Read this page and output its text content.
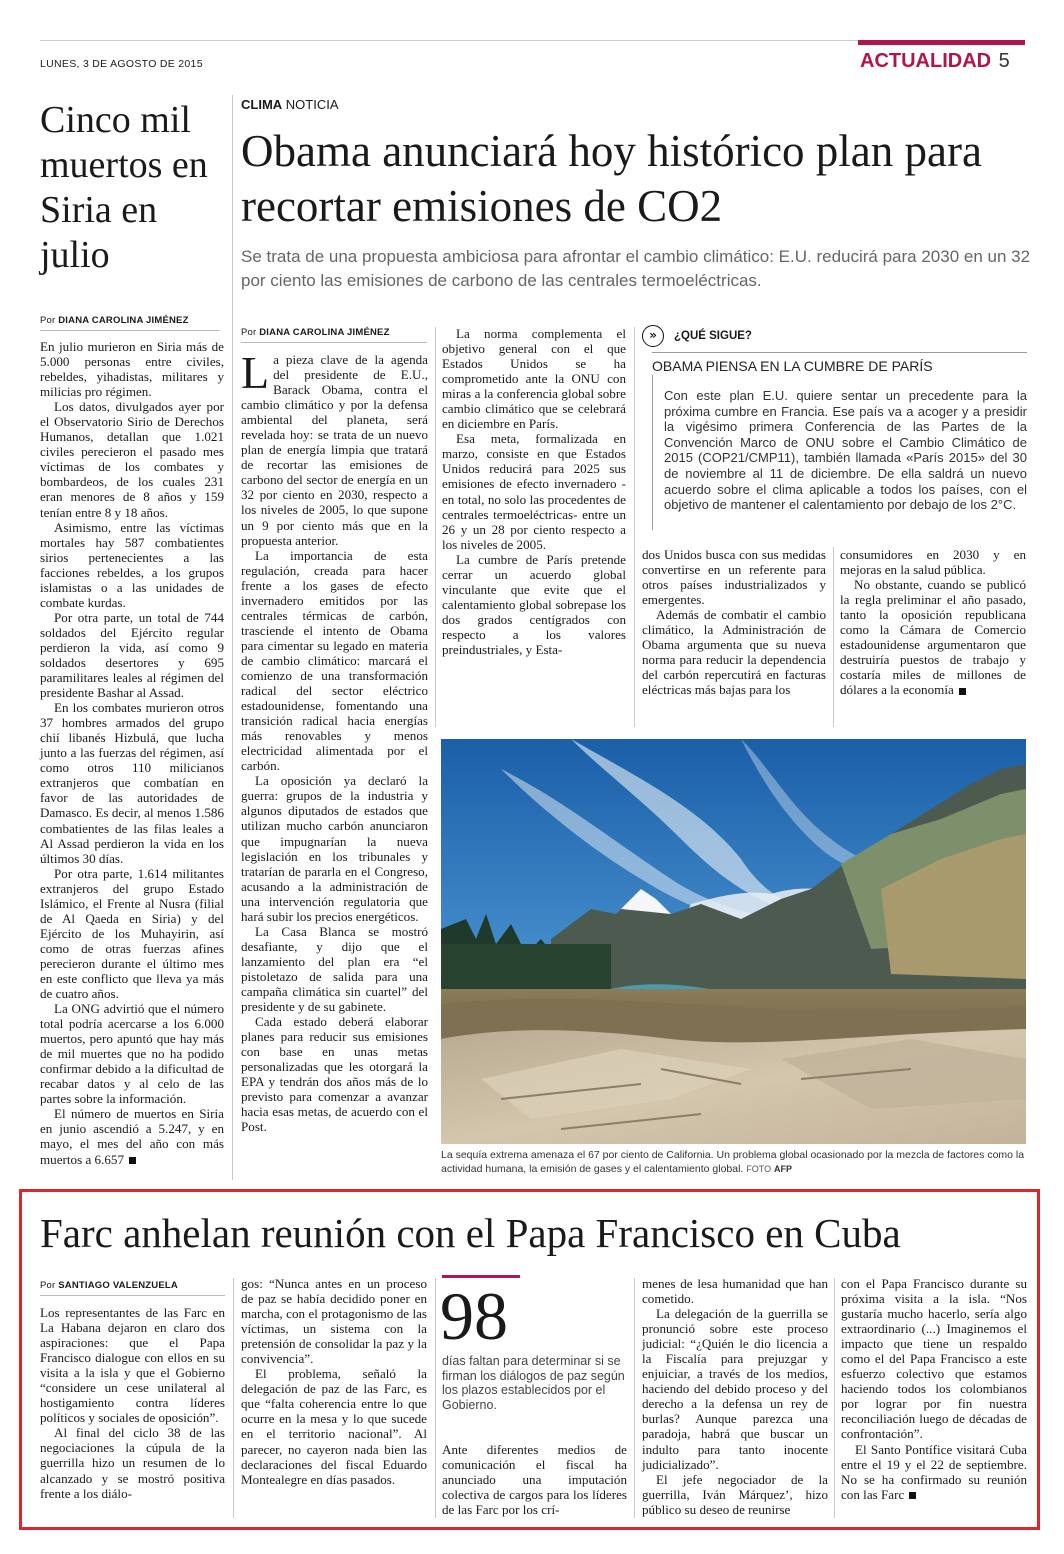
LUNES, 3 DE AGOSTO DE 2015	ACTUALIDAD 5
Cinco mil muertos en Siria en julio
Por DIANA CAROLINA JIMÉNEZ

En julio murieron en Siria más de 5.000 personas entre civiles, rebeldes, yihadistas, militares y milicias pro régimen.

Los datos, divulgados ayer por el Observatorio Sirio de Derechos Humanos, detallan que 1.021 civiles perecieron el pasado mes víctimas de los combates y bombardeos, de los cuales 231 eran menores de 8 años y 159 tenían entre 8 y 18 años.

Asimismo, entre las víctimas mortales hay 587 combatientes sirios pertenecientes a las facciones rebeldes, a los grupos islamistas o a las unidades de combate kurdas.

Por otra parte, un total de 744 soldados del Ejército regular perdieron la vida, así como 9 soldados desertores y 695 paramilitares leales al régimen del presidente Bashar al Assad.

En los combates murieron otros 37 hombres armados del grupo chií libanés Hizbulá, que lucha junto a las fuerzas del régimen, así como otros 110 milicianos extranjeros que combatían en favor de las autoridades de Damasco. Es decir, al menos 1.586 combatientes de las filas leales a Al Assad perdieron la vida en los últimos 30 días.

Por otra parte, 1.614 militantes extranjeros del grupo Estado Islámico, el Frente al Nusra (filial de Al Qaeda en Siria) y del Ejército de los Muhayirin, así como de otras fuerzas afines perecieron durante el último mes en este conflicto que lleva ya más de cuatro años.

La ONG advirtió que el número total podría acercarse a los 6.000 muertos, pero apuntó que hay más de mil muertes que no ha podido confirmar debido a la dificultad de recabar datos y al celo de las partes sobre la información.

El número de muertos en Siria en junio ascendió a 5.247, y en mayo, el mes del año con más muertos a 6.657

CLIMA NOTICIA
Obama anunciará hoy histórico plan para recortar emisiones de CO2
Se trata de una propuesta ambiciosa para afrontar el cambio climático: E.U. reducirá para 2030 en un 32 por ciento las emisiones de carbono de las centrales termoeléctricas.
Por DIANA CAROLINA JIMÉNEZ

La pieza clave de la agenda del presidente de E.U., Barack Obama, contra el cambio climático y por la defensa ambiental del planeta, será revelada hoy: se trata de un nuevo plan de energía limpia que tratará de recortar las emisiones de carbono del sector de energía en un 32 por ciento en 2030, respecto a los niveles de 2005, lo que supone un 9 por ciento más que en la propuesta anterior.

La importancia de esta regulación, creada para hacer frente a los gases de efecto invernadero emitidos por las centrales térmicas de carbón, trasciende el intento de Obama para cimentar su legado en materia de cambio climático: marcará el comienzo de una transformación radical del sector eléctrico estadounidense, fomentando una transición radical hacia energías más renovables y menos electricidad alimentada por el carbón.

La oposición ya declaró la guerra: grupos de la industria y algunos diputados de estados que utilizan mucho carbón anunciaron que impugnarían la nueva legislación en los tribunales y tratarían de pararla en el Congreso, acusando a la administración de una intervención regulatoria que hará subir los precios energéticos.

La Casa Blanca se mostró desafiante, y dijo que el lanzamiento del plan era “el pistoletazo de salida para una campaña climática sin cuartel” del presidente y de su gabinete.

Cada estado deberá elaborar planes para reducir sus emisiones con base en unas metas personalizadas que les otorgará la EPA y tendrán dos años más de lo previsto para comenzar a avanzar hacia esas metas, de acuerdo con el Post.

La norma complementa el objetivo general con el que Estados Unidos se ha comprometido ante la ONU con miras a la conferencia global sobre cambio climático que se celebrará en diciembre en París.

Esa meta, formalizada en marzo, consiste en que Estados Unidos reducirá para 2025 sus emisiones de efecto invernadero -en total, no solo las procedentes de centrales termoeléctricas- entre un 26 y un 28 por ciento respecto a los niveles de 2005.

La cumbre de París pretende cerrar un acuerdo global vinculante que evite que el calentamiento global sobrepase los dos grados centígrados con respecto a los valores preindustriales, y Esta-

»	¿QUÉ SIGUE?
OBAMA PIENSA EN LA CUMBRE DE PARÍS
Con este plan E.U. quiere sentar un precedente para la próxima cumbre en Francia. Ese país va a acoger y a presidir la vigésimo primera Conferencia de las Partes de la Convención Marco de ONU sobre el Cambio Climático de 2015 (COP21/CMP11), también llamada «París 2015» del 30 de noviembre al 11 de diciembre. De ella saldrá un nuevo acuerdo sobre el clima aplicable a todos los países, con el objetivo de mantener el calentamiento por debajo de los 2°C.

dos Unidos busca con sus medidas convertirse en un referente para otros países industrializados y emergentes.

Además de combatir el cambio climático, la Administración de Obama argumenta que su nueva norma para reducir la dependencia del carbón repercutirá en facturas eléctricas más bajas para los

consumidores en 2030 y en mejoras en la salud pública.

No obstante, cuando se publicó la regla preliminar el año pasado, tanto la oposición republicana como la Cámara de Comercio estadounidense argumentaron que destruiría puestos de trabajo y costaría miles de millones de dólares a la economía

La sequía extrema amenaza el 67 por ciento de California. Un problema global ocasionado por la mezcla de factores como la actividad humana, la emisión de gases y el calentamiento global. FOTO AFP
Farc anhelan reunión con el Papa Francisco en Cuba
Por SANTIAGO VALENZUELA

Los representantes de las Farc en La Habana dejaron en claro dos aspiraciones: que el Papa Francisco dialogue con ellos en su visita a la isla y que el Gobierno “considere un cese unilateral al hostigamiento contra líderes políticos y sociales de oposición”.

Al final del ciclo 38 de las negociaciones la cúpula de la guerrilla hizo un resumen de lo alcanzado y se mostró positiva frente a los diálo-

gos: “Nunca antes en un proceso de paz se había decidido poner en marcha, con el protagonismo de las víctimas, un sistema con la pretensión de consolidar la paz y la convivencia”.

El problema, señaló la delegación de paz de las Farc, es que “falta coherencia entre lo que ocurre en la mesa y lo que sucede en el territorio nacional”. Al parecer, no cayeron nada bien las declaraciones del fiscal Eduardo Montealegre en días pasados.

98
días faltan para determinar si se firman los diálogos de paz según los plazos establecidos por el Gobierno.

Ante diferentes medios de comunicación el fiscal ha anunciado una imputación colectiva de cargos para los líderes de las Farc por los crí-

menes de lesa humanidad que han cometido.

La delegación de la guerrilla se pronunció sobre este proceso judicial: “¿Quién le dio licencia a la Fiscalía para prejuzgar y enjuiciar, a través de los medios, haciendo del debido proceso y del derecho a la defensa un rey de burlas? Aunque parezca una paradoja, habrá que buscar un indulto para tanto inocente judicializado”.

El jefe negociador de la guerrilla, Iván Márquez’, hizo público su deseo de reunirse

con el Papa Francisco durante su próxima visita a la isla. “Nos gustaría mucho hacerlo, sería algo extraordinario (...) Imaginemos el impacto que tiene un respaldo como el del Papa Francisco a este esfuerzo colectivo que estamos haciendo todos los colombianos por lograr por fin nuestra reconciliación luego de décadas de confrontación”.

El Santo Pontífice visitará Cuba entre el 19 y el 22 de septiembre. No se ha confirmado su reunión con las Farc
